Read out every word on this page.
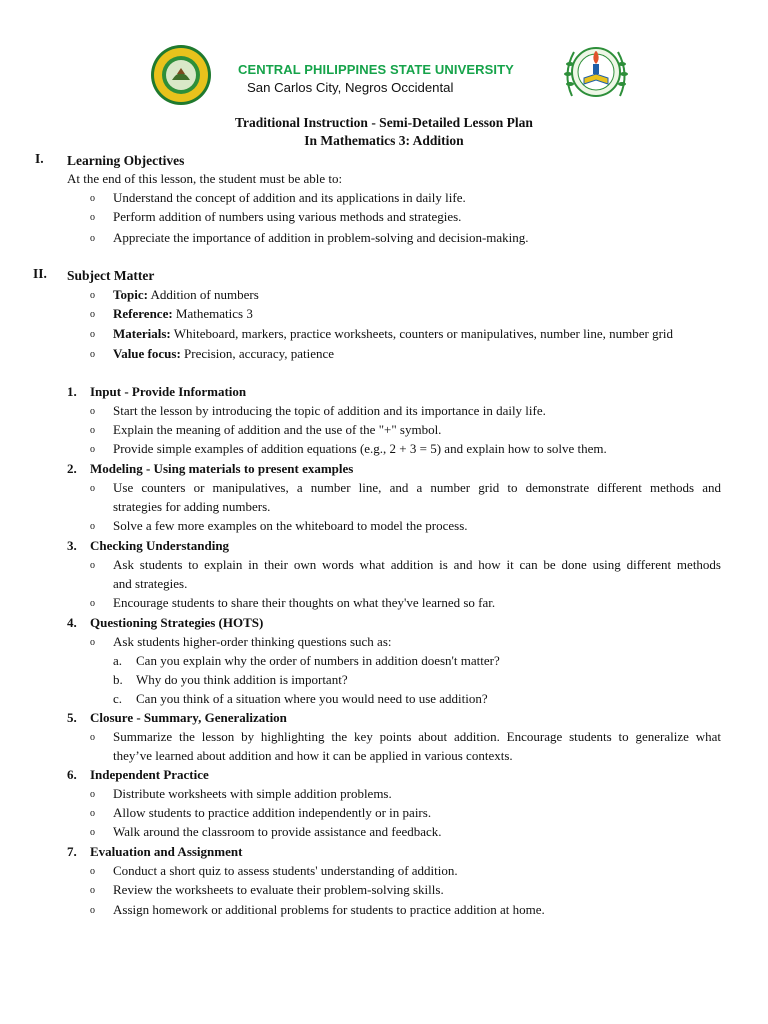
CENTRAL PHILIPPINES STATE UNIVERSITY
San Carlos City, Negros Occidental
Traditional Instruction - Semi-Detailed Lesson Plan
In Mathematics 3: Addition
I. Learning Objectives
At the end of this lesson, the student must be able to:
o Understand the concept of addition and its applications in daily life.
o Perform addition of numbers using various methods and strategies.
o Appreciate the importance of addition in problem-solving and decision-making.
II. Subject Matter
o Topic: Addition of numbers
o Reference: Mathematics 3
o Materials: Whiteboard, markers, practice worksheets, counters or manipulatives, number line, number grid
o Value focus: Precision, accuracy, patience
1. Input - Provide Information
o Start the lesson by introducing the topic of addition and its importance in daily life.
o Explain the meaning of addition and the use of the "+" symbol.
o Provide simple examples of addition equations (e.g., 2 + 3 = 5) and explain how to solve them.
2. Modeling - Using materials to present examples
o Use counters or manipulatives, a number line, and a number grid to demonstrate different methods and
strategies for adding numbers.
o Solve a few more examples on the whiteboard to model the process.
3. Checking Understanding
o Ask students to explain in their own words what addition is and how it can be done using different methods
and strategies.
o Encourage students to share their thoughts on what they've learned so far.
4. Questioning Strategies (HOTS)
o Ask students higher-order thinking questions such as:
a. Can you explain why the order of numbers in addition doesn't matter?
b. Why do you think addition is important?
c. Can you think of a situation where you would need to use addition?
5. Closure - Summary, Generalization
o Summarize the lesson by highlighting the key points about addition. Encourage students to generalize what
they’ve learned about addition and how it can be applied in various contexts.
6. Independent Practice
o Distribute worksheets with simple addition problems.
o Allow students to practice addition independently or in pairs.
o Walk around the classroom to provide assistance and feedback.
7. Evaluation and Assignment
o Conduct a short quiz to assess students' understanding of addition.
o Review the worksheets to evaluate their problem-solving skills.
o Assign homework or additional problems for students to practice addition at home.
